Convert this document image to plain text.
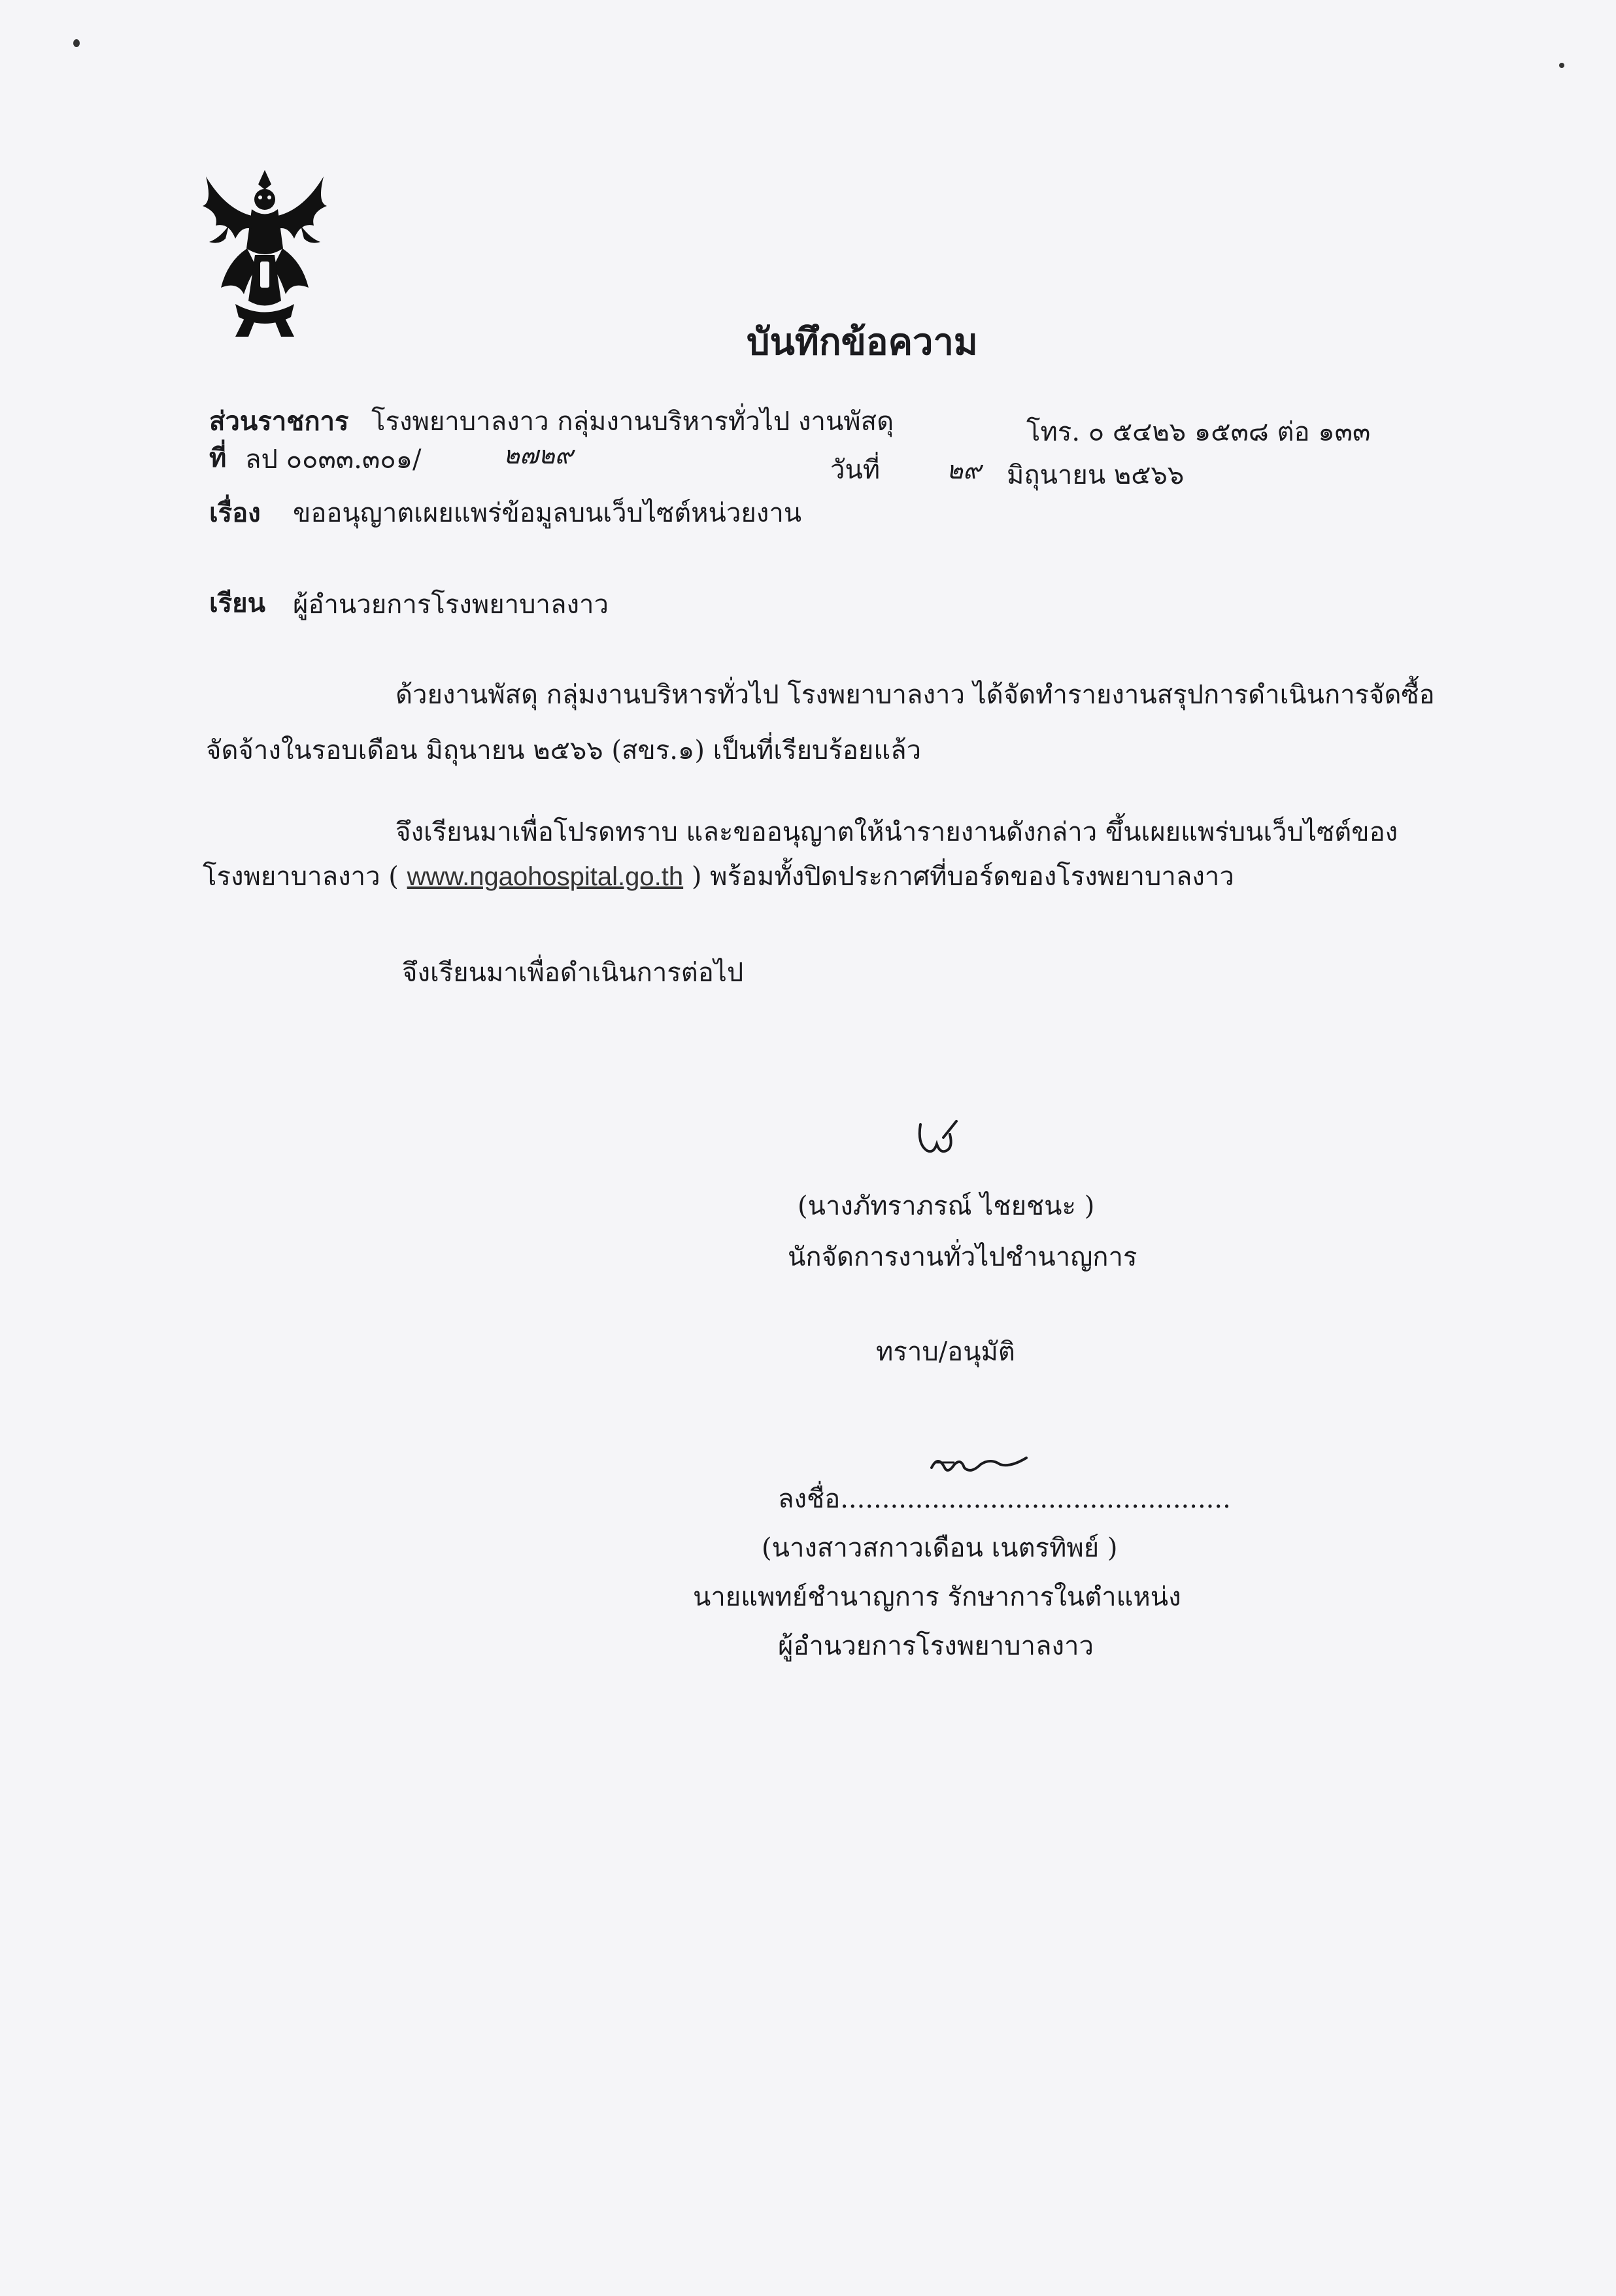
บันทึกข้อความ
ส่วนราชการ โรงพยาบาลงาว กลุ่มงานบริหารทั่วไป งานพัสดุ	โทร. ๐ ๕๔๒๖ ๑๕๓๘ ต่อ ๑๓๓
ที่ ลป ๐๐๓๓.๓๐๑/	๒๗๒๙	วันที่	๒๙ มิถุนายน ๒๕๖๖
เรื่อง ขออนุญาตเผยแพร่ข้อมูลบนเว็บไซต์หน่วยงาน
เรียน ผู้อำนวยการโรงพยาบาลงาว
ด้วยงานพัสดุ กลุ่มงานบริหารทั่วไป โรงพยาบาลงาว ได้จัดทำรายงานสรุปการดำเนินการจัดซื้อ
จัดจ้างในรอบเดือน มิถุนายน ๒๕๖๖ (สขร.๑) เป็นที่เรียบร้อยแล้ว
จึงเรียนมาเพื่อโปรดทราบ และขออนุญาตให้นำรายงานดังกล่าว ขึ้นเผยแพร่บนเว็บไซต์ของ
โรงพยาบาลงาว ( www.ngaohospital.go.th ) พร้อมทั้งปิดประกาศที่บอร์ดของโรงพยาบาลงาว
จึงเรียนมาเพื่อดำเนินการต่อไป
(นางภัทราภรณ์ ไชยชนะ )
นักจัดการงานทั่วไปชำนาญการ
ทราบ/อนุมัติ
ลงชื่อ...............................................
(นางสาวสกาวเดือน เนตรทิพย์ )
นายแพทย์ชำนาญการ รักษาการในตำแหน่ง
ผู้อำนวยการโรงพยาบาลงาว
